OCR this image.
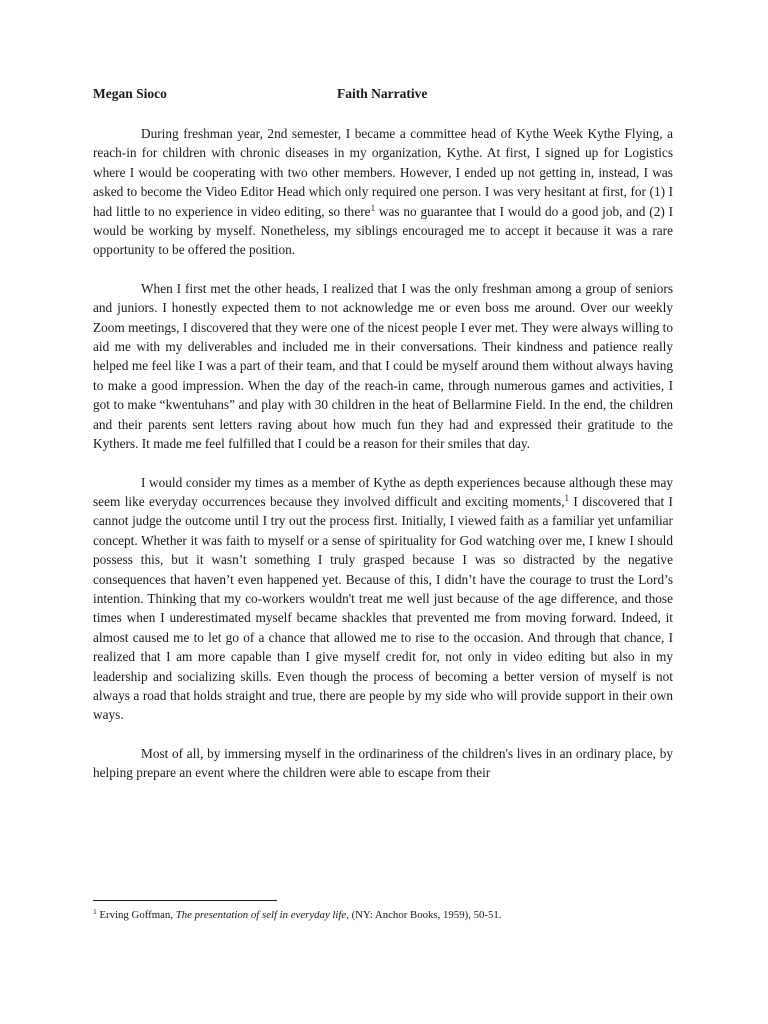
Megan Sioco	Faith Narrative

During freshman year, 2nd semester, I became a committee head of Kythe Week Kythe Flying, a reach-in for children with chronic diseases in my organization, Kythe. At first, I signed up for Logistics where I would be cooperating with two other members. However, I ended up not getting in, instead, I was asked to become the Video Editor Head which only required one person. I was very hesitant at first, for (1) I had little to no experience in video editing, so there$^1$ was no guarantee that I would do a good job, and (2) I would be working by myself. Nonetheless, my siblings encouraged me to accept it because it was a rare opportunity to be offered the position.

When I first met the other heads, I realized that I was the only freshman among a group of seniors and juniors. I honestly expected them to not acknowledge me or even boss me around. Over our weekly Zoom meetings, I discovered that they were one of the nicest people I ever met. They were always willing to aid me with my deliverables and included me in their conversations. Their kindness and patience really helped me feel like I was a part of their team, and that I could be myself around them without always having to make a good impression. When the day of the reach-in came, through numerous games and activities, I got to make “kwentuhans” and play with 30 children in the heat of Bellarmine Field. In the end, the children and their parents sent letters raving about how much fun they had and expressed their gratitude to the Kythers. It made me feel fulfilled that I could be a reason for their smiles that day.

I would consider my times as a member of Kythe as depth experiences because although these may seem like everyday occurrences because they involved difficult and exciting moments,$^1$ I discovered that I cannot judge the outcome until I try out the process first. Initially, I viewed faith as a familiar yet unfamiliar concept. Whether it was faith to myself or a sense of spirituality for God watching over me, I knew I should possess this, but it wasn’t something I truly grasped because I was so distracted by the negative consequences that haven’t even happened yet. Because of this, I didn’t have the courage to trust the Lord’s intention. Thinking that my co-workers wouldn't treat me well just because of the age difference, and those times when I underestimated myself became shackles that prevented me from moving forward. Indeed, it almost caused me to let go of a chance that allowed me to rise to the occasion. And through that chance, I realized that I am more capable than I give myself credit for, not only in video editing but also in my leadership and socializing skills. Even though the process of becoming a better version of myself is not always a road that holds straight and true, there are people by my side who will provide support in their own ways.

Most of all, by immersing myself in the ordinariness of the children's lives in an ordinary place, by helping prepare an event where the children were able to escape from their

$^1$ Erving Goffman, The presentation of self in everyday life, (NY: Anchor Books, 1959), 50-51.
